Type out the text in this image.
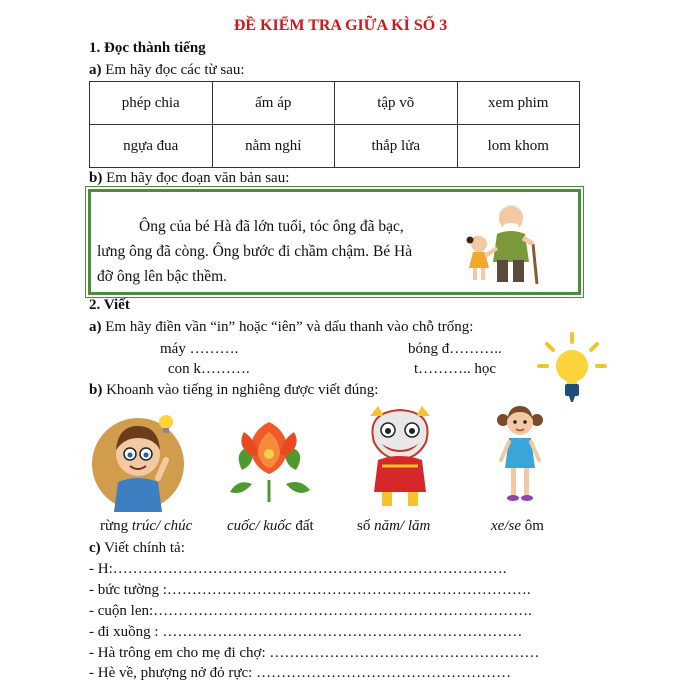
ĐỀ KIỂM TRA GIỮA KÌ SỐ 3
1. Đọc thành tiếng
a) Em hãy đọc các từ sau:
phép chia	ấm áp	tập võ	xem phim
ngựa đua	nằm nghỉ	thắp lửa	lom khom
b) Em hãy đọc đoạn văn bản sau:
Ông của bé Hà đã lớn tuổi, tóc ông đã bạc,
lưng ông đã còng. Ông bước đi chầm chậm. Bé Hà
đỡ ông lên bậc thềm.
2. Viết
a) Em hãy điền vần “in” hoặc “iên” và dấu thanh vào chỗ trống:
máy ……….	bóng đ………..
con k……….	t……….. học
b) Khoanh vào tiếng in nghiêng được viết đúng:
rừng trúc/ chúc cuốc/ kuốc đất	số năm/ lăm	xe/se ôm
c) Viết chính tả:
- H:…………………………………………………………………….
- bức tường :……………………………………………………………….
- cuộn len:………………………………………………………………….
- đi xuồng : ………………………………………………………………
- Hà trông em cho mẹ đi chợ: ………………………………………………
- Hè về, phượng nở đỏ rực: ……………………………………………
